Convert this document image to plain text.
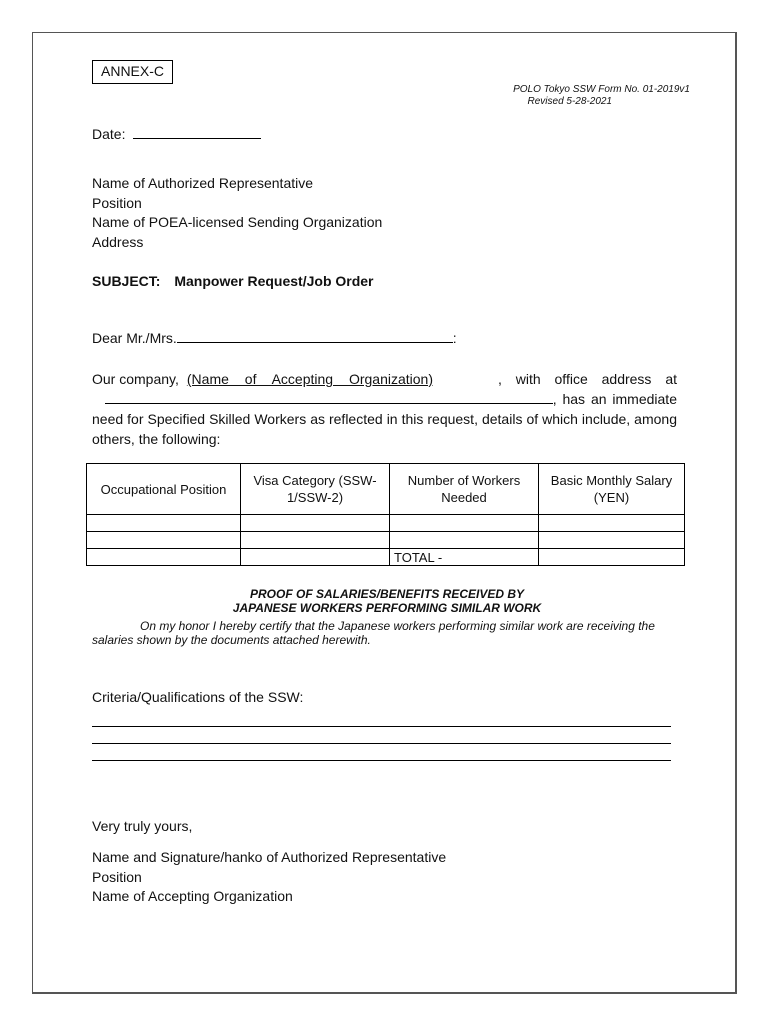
ANNEX-C
POLO Tokyo SSW Form No. 01-2019v1
Revised 5-28-2021
Date:
Name of Authorized Representative
Position
Name of POEA-licensed Sending Organization
Address
SUBJECT: Manpower Request/Job Order
Dear Mr./Mrs.	:
Our company, (Name of Accepting Organization)	, with office address at
, has an immediate
need for Specified Skilled Workers as reflected in this request, details of which include, among others, the following:
Occupational Position	Visa Category (SSW-1/SSW-2)	Number of Workers Needed	Basic Monthly Salary (YEN)

		TOTAL -	
PROOF OF SALARIES/BENEFITS RECEIVED BY
JAPANESE WORKERS PERFORMING SIMILAR WORK
On my honor I hereby certify that the Japanese workers performing similar work are receiving the salaries shown by the documents attached herewith.
Criteria/Qualifications of the SSW:
Very truly yours,
Name and Signature/hanko of Authorized Representative
Position
Name of Accepting Organization
